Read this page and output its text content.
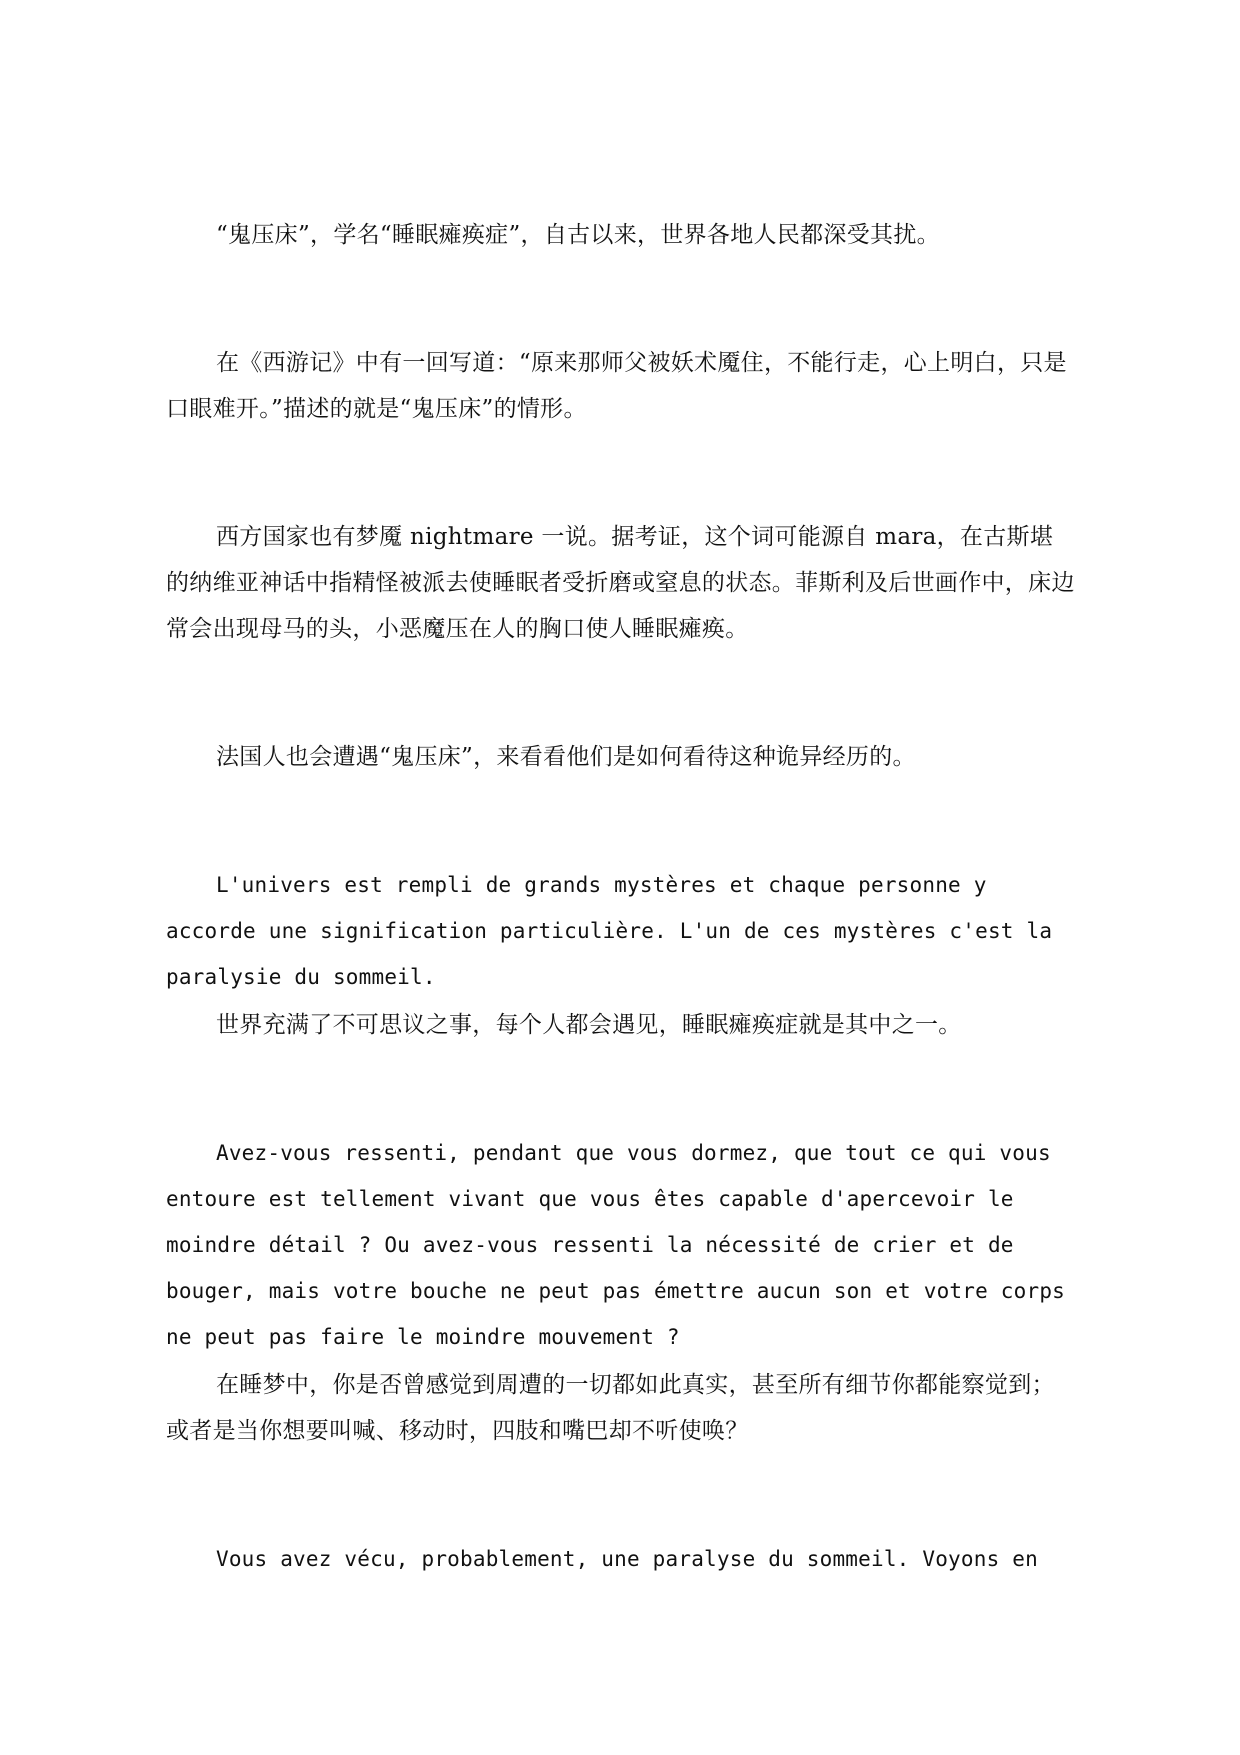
“鬼压床”，学名“睡眠瘫痪症”，自古以来，世界各地人民都深受其扰。

在《西游记》中有一回写道：“原来那师父被妖术魇住，不能行走，心上明白，只是口眼难开。”描述的就是“鬼压床”的情形。

西方国家也有梦魇 nightmare 一说。据考证，这个词可能源自 mara，在古斯堪的纳维亚神话中指精怪被派去使睡眠者受折磨或窒息的状态。菲斯利及后世画作中，床边常会出现母马的头，小恶魔压在人的胸口使人睡眠瘫痪。

法国人也会遭遇“鬼压床”，来看看他们是如何看待这种诡异经历的。

L'univers est rempli de grands mystères et chaque personne y accorde une signification particulière. L'un de ces mystères c'est la paralysie du sommeil.

世界充满了不可思议之事，每个人都会遇见，睡眠瘫痪症就是其中之一。

Avez-vous ressenti, pendant que vous dormez, que tout ce qui vous entoure est tellement vivant que vous êtes capable d'apercevoir le moindre détail ? Ou avez-vous ressenti la nécessité de crier et de bouger, mais votre bouche ne peut pas émettre aucun son et votre corps ne peut pas faire le moindre mouvement ?

在睡梦中，你是否曾感觉到周遭的一切都如此真实，甚至所有细节你都能察觉到；或者是当你想要叫喊、移动时，四肢和嘴巴却不听使唤？

Vous avez vécu, probablement, une paralyse du sommeil. Voyons en
